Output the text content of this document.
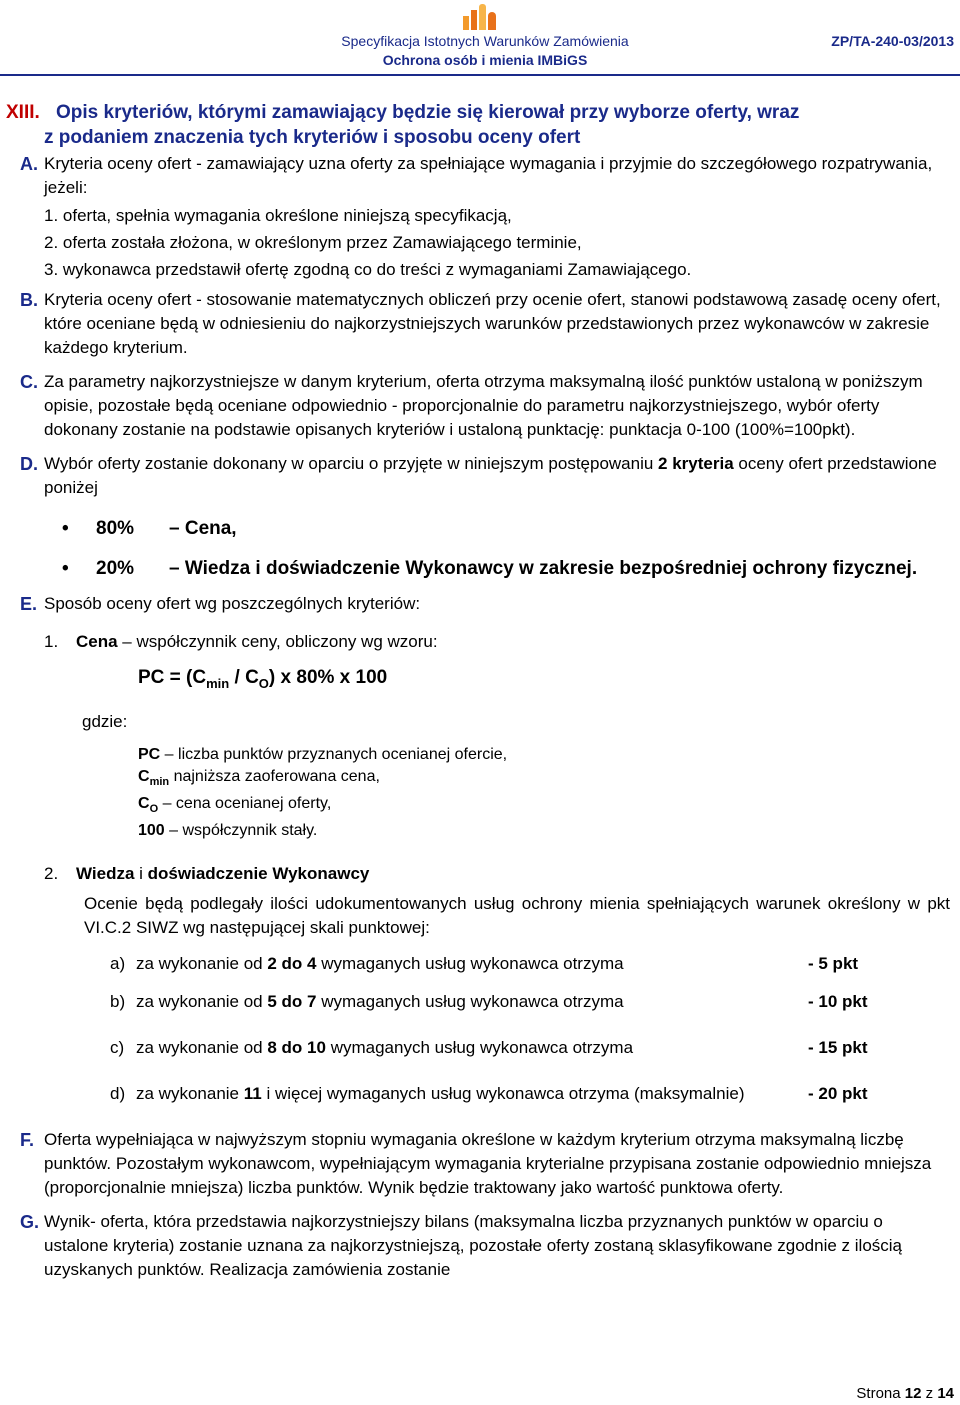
Specyfikacja Istotnych Warunków Zamówienia
Ochrona osób i mienia IMBiGS
ZP/TA-240-03/2013
XIII. Opis kryteriów, którymi zamawiający będzie się kierował przy wyborze oferty, wraz
z podaniem znaczenia tych kryteriów i sposobu oceny ofert
A. Kryteria oceny ofert - zamawiający uzna oferty za spełniające wymagania i przyjmie do szczegółowego rozpatrywania, jeżeli:
1. oferta, spełnia wymagania określone niniejszą specyfikacją,
2. oferta została złożona, w określonym przez Zamawiającego terminie,
3. wykonawca przedstawił ofertę zgodną co do treści z wymaganiami Zamawiającego.
B. Kryteria oceny ofert - stosowanie matematycznych obliczeń przy ocenie ofert, stanowi podstawową zasadę oceny ofert, które oceniane będą w odniesieniu do najkorzystniejszych warunków przedstawionych przez wykonawców w zakresie każdego kryterium.
C. Za parametry najkorzystniejsze w danym kryterium, oferta otrzyma maksymalną ilość punktów ustaloną w poniższym opisie, pozostałe będą oceniane odpowiednio - proporcjonalnie do parametru najkorzystniejszego, wybór oferty dokonany zostanie na podstawie opisanych kryteriów i ustaloną punktację: punktacja 0-100 (100%=100pkt).
D. Wybór oferty zostanie dokonany w oparciu o przyjęte w niniejszym postępowaniu 2 kryteria oceny ofert przedstawione poniżej
• 80% – Cena,
• 20% – Wiedza i doświadczenie Wykonawcy w zakresie bezpośredniej ochrony fizycznej.
E. Sposób oceny ofert wg poszczególnych kryteriów:
1. Cena – współczynnik ceny, obliczony wg wzoru:
PC = $(C_{min} / C_O)$ x 80% x 100
gdzie:
PC – liczba punktów przyznanych ocenianej ofercie,
$C_{min}$ najniższa zaoferowana cena,
$C_O$ – cena ocenianej oferty,
100 – współczynnik stały.
2. Wiedza i doświadczenie Wykonawcy
Ocenie będą podlegały ilości udokumentowanych usług ochrony mienia spełniających warunek określony w pkt VI.C.2 SIWZ wg następującej skali punktowej:
a) za wykonanie od 2 do 4 wymaganych usług wykonawca otrzyma	- 5 pkt
b) za wykonanie od 5 do 7 wymaganych usług wykonawca otrzyma	- 10 pkt
c) za wykonanie od 8 do 10 wymaganych usług wykonawca otrzyma	- 15 pkt
d) za wykonanie 11 i więcej wymaganych usług wykonawca otrzyma (maksymalnie)	- 20 pkt
F. Oferta wypełniająca w najwyższym stopniu wymagania określone w każdym kryterium otrzyma maksymalną liczbę punktów. Pozostałym wykonawcom, wypełniającym wymagania kryterialne przypisana zostanie odpowiednio mniejsza (proporcjonalnie mniejsza) liczba punktów. Wynik będzie traktowany jako wartość punktowa oferty.
G. Wynik- oferta, która przedstawia najkorzystniejszy bilans (maksymalna liczba przyznanych punktów w oparciu o ustalone kryteria) zostanie uznana za najkorzystniejszą, pozostałe oferty zostaną sklasyfikowane zgodnie z ilością uzyskanych punktów. Realizacja zamówienia zostanie
Strona 12 z 14
